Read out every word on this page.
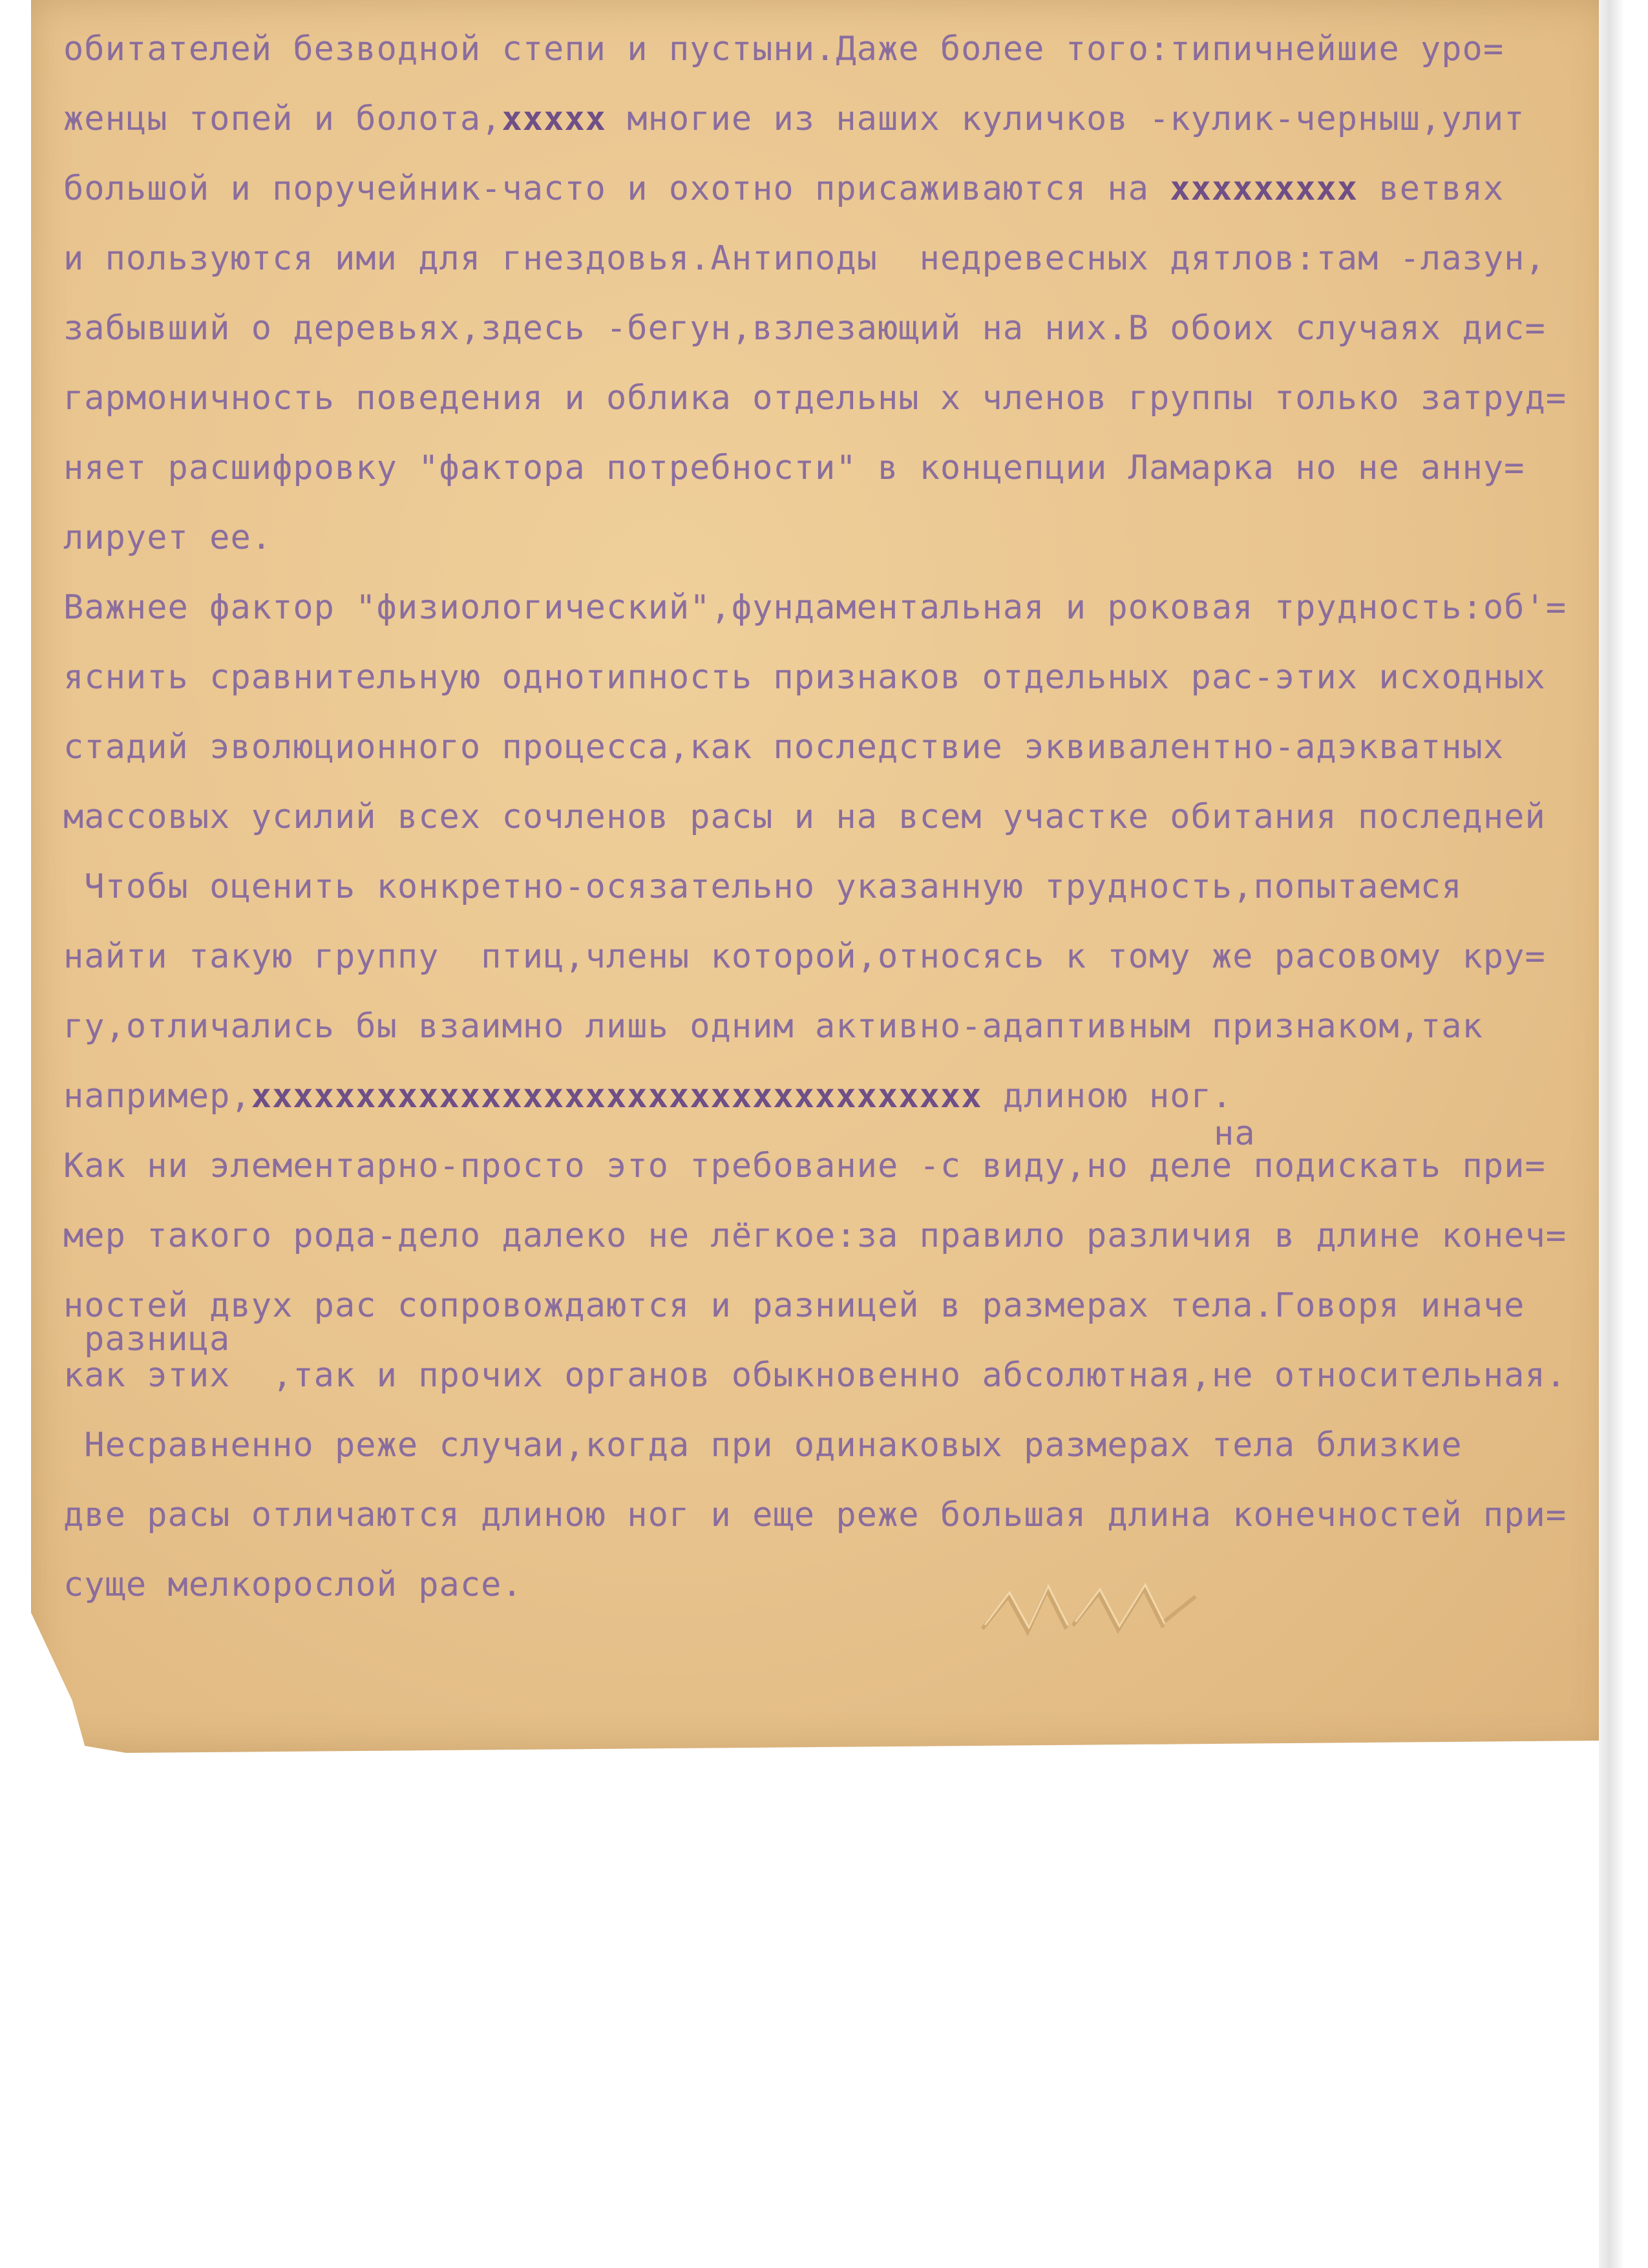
обитателей безводной степи и пустыни.Даже более того:типичнейшие уро=
женцы топей и болота,xxxxx многие из наших куличков -кулик-черныш,улит
большой и поручейник-часто и охотно присаживаются на xxxxxxxxx ветвях
и пользуются ими для гнездовья.Антиподы  недревесных дятлов:там -лазун,
забывший о деревьях,здесь -бегун,взлезающий на них.В обоих случаях дис=
гармоничность поведения и облика отдельны х членов группы только затруд=
няет расшифровку "фактора потребности" в концепции Ламарка но не анну=
лирует ее.
Важнее фактор "физиологический",фундаментальная и роковая трудность:об'=
яснить сравнительную однотипность признаков отдельных рас-этих исходных
стадий эволюционного процесса,как последствие эквивалентно-адэкватных
массовых усилий всех сочленов расы и на всем участке обитания последней
Чтобы оценить конкретно-осязательно указанную трудность,попытаемся
найти такую группу  птиц,члены которой,относясь к тому же расовому кру=
гу,отличались бы взаимно лишь одним активно-адаптивным признаком,так
например,xxxxxxxxxxxxxxxxxxxxxxxxxxxxxxxxxxx длиною ног.
на
Как ни элементарно-просто это требование -с виду,но деле подискать при=
мер такого рода-дело далеко не лёгкое:за правило различия в длине конеч=
ностей двух рас сопровождаются и разницей в размерах тела.Говоря иначе
разница
как этих  ,так и прочих органов обыкновенно абсолютная,не относительная.
Несравненно реже случаи,когда при одинаковых размерах тела близкие
две расы отличаются длиною ног и еще реже большая длина конечностей при=
суще мелкорослой расе.
